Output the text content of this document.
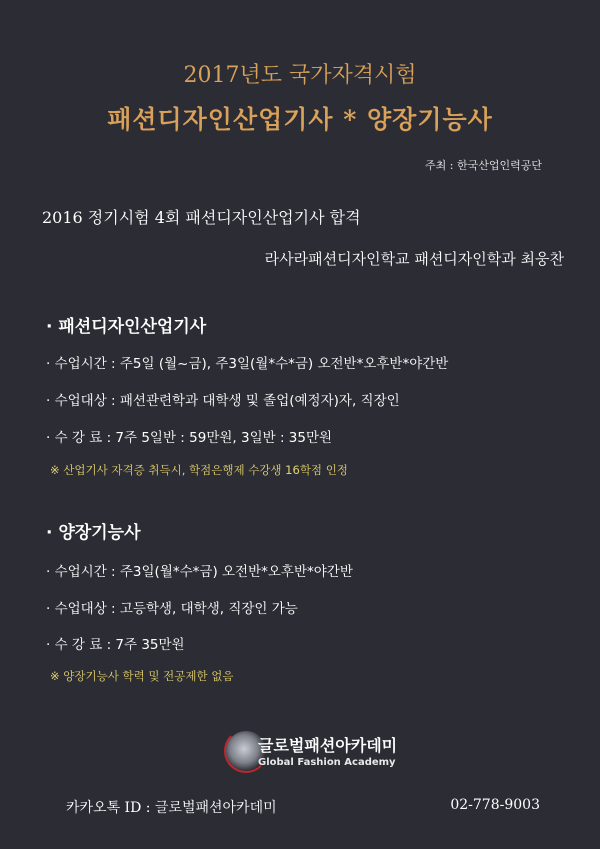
2017년도 국가자격시험
패션디자인산업기사 * 양장기능사
주최 : 한국산업인력공단
2016 정기시험 4회 패션디자인산업기사 합격
라사라패션디자인학교 패션디자인학과 최웅찬
· 패션디자인산업기사
· 수업시간 : 주5일 (월~금), 주3일(월*수*금) 오전반*오후반*야간반
· 수업대상 : 패션관련학과 대학생 및 졸업(예정자)자, 직장인
· 수 강 료 : 7주 5일반 : 59만원, 3일반 : 35만원
※ 산업기사 자격증 취득시, 학점은행제 수강생 16학점 인정
· 양장기능사
· 수업시간 : 주3일(월*수*금) 오전반*오후반*야간반
· 수업대상 : 고등학생, 대학생, 직장인 가능
· 수 강 료 : 7주 35만원
※ 양장기능사 학력 및 전공제한 없음
글로벌패션아카데미
Global Fashion Academy
카카오톡 ID : 글로벌패션아카데미	02-778-9003
